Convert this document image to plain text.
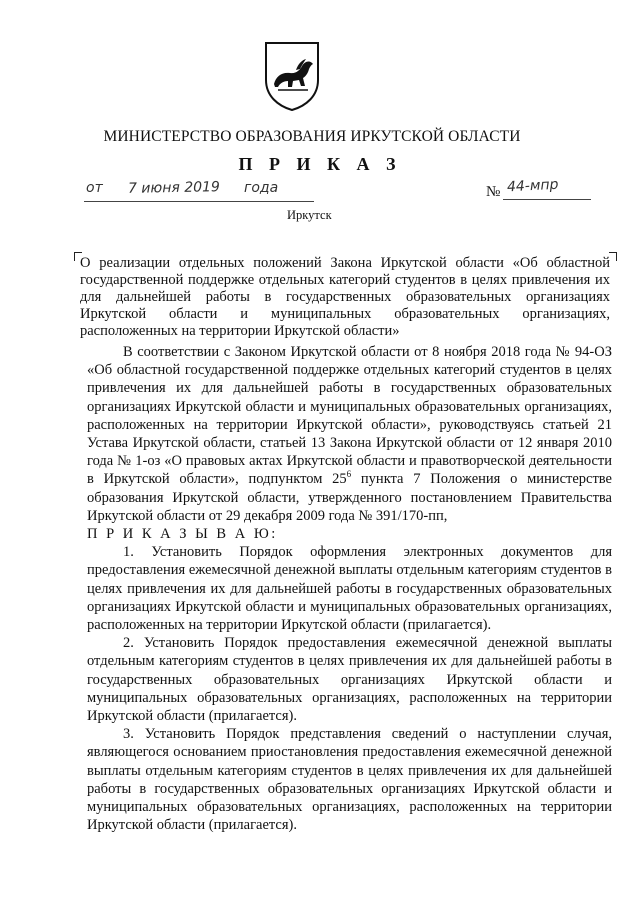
МИНИСТЕРСТВО ОБРАЗОВАНИЯ ИРКУТСКОЙ ОБЛАСТИ
П Р И К А З
от 7 июня 2019 года	№ 44-мпр
Иркутск
О реализации отдельных положений Закона Иркутской области «Об областной государственной поддержке отдельных категорий студентов в целях привлечения их для дальнейшей работы в государственных образовательных организациях Иркутской области и муниципальных образовательных организациях, расположенных на территории Иркутской области»

В соответствии с Законом Иркутской области от 8 ноября 2018 года № 94-ОЗ «Об областной государственной поддержке отдельных категорий студентов в целях привлечения их для дальнейшей работы в государственных образовательных организациях Иркутской области и муниципальных образовательных организациях, расположенных на территории Иркутской области», руководствуясь статьей 21 Устава Иркутской области, статьей 13 Закона Иркутской области от 12 января 2010 года № 1-оз «О правовых актах Иркутской области и правотворческой деятельности в Иркутской области», подпунктом $25^6$ пункта 7 Положения о министерстве образования Иркутской области, утвержденного постановлением Правительства Иркутской области от 29 декабря 2009 года № 391/170-пп,

П Р И К А З Ы В А Ю:

1. Установить Порядок оформления электронных документов для предоставления ежемесячной денежной выплаты отдельным категориям студентов в целях привлечения их для дальнейшей работы в государственных образовательных организациях Иркутской области и муниципальных образовательных организациях, расположенных на территории Иркутской области (прилагается).

2. Установить Порядок предоставления ежемесячной денежной выплаты отдельным категориям студентов в целях привлечения их для дальнейшей работы в государственных образовательных организациях Иркутской области и муниципальных образовательных организациях, расположенных на территории Иркутской области (прилагается).

3. Установить Порядок представления сведений о наступлении случая, являющегося основанием приостановления предоставления ежемесячной денежной выплаты отдельным категориям студентов в целях привлечения их для дальнейшей работы в государственных образовательных организациях Иркутской области и муниципальных образовательных организациях, расположенных на территории Иркутской области (прилагается).
